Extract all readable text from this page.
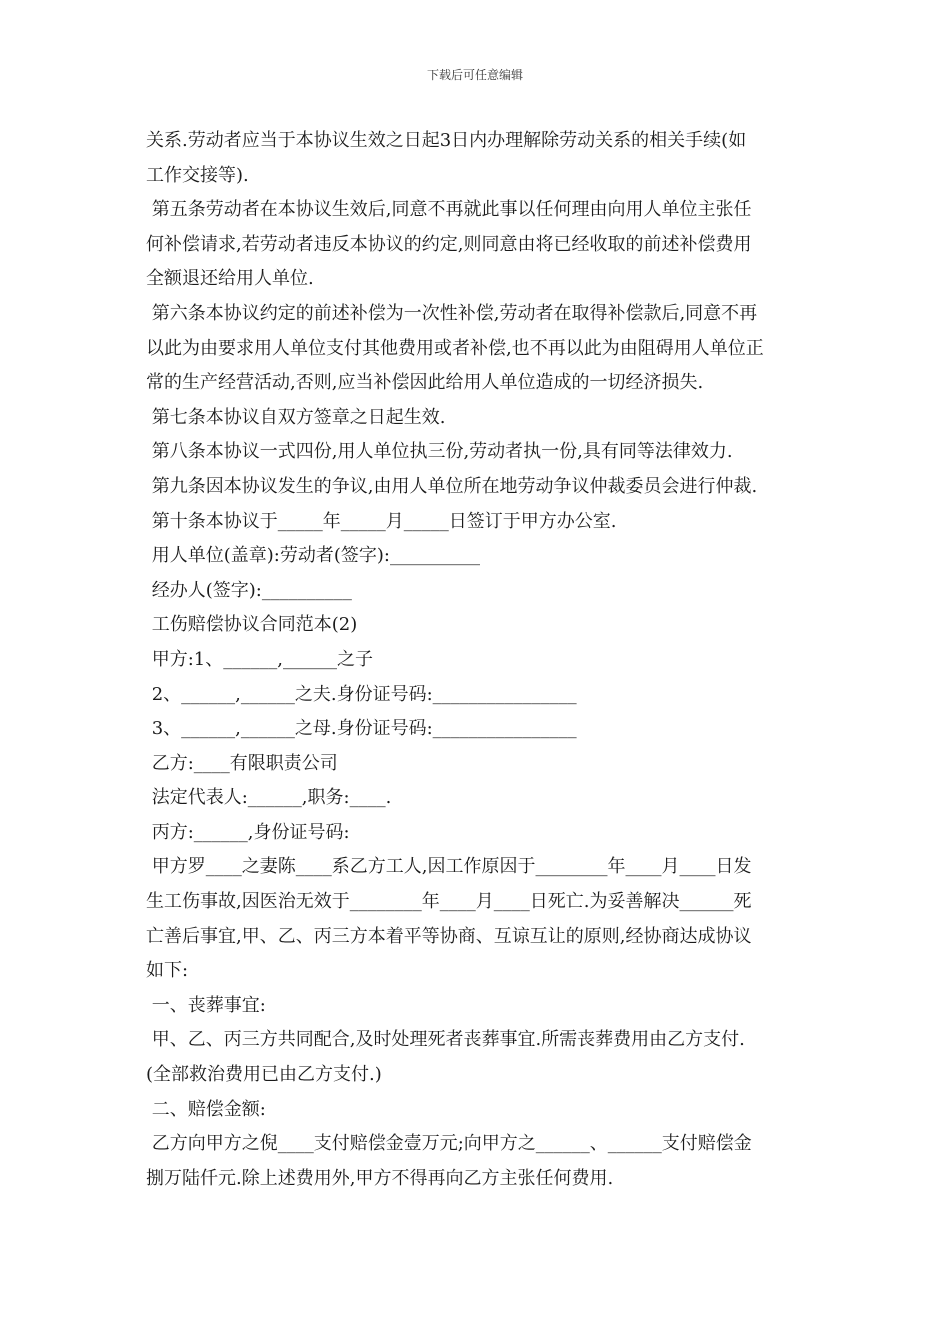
下载后可任意编辑
关系.劳动者应当于本协议生效之日起3日内办理解除劳动关系的相关手续(如
工作交接等).
第五条劳动者在本协议生效后,同意不再就此事以任何理由向用人单位主张任
何补偿请求,若劳动者违反本协议的约定,则同意由将已经收取的前述补偿费用
全额退还给用人单位.
第六条本协议约定的前述补偿为一次性补偿,劳动者在取得补偿款后,同意不再
以此为由要求用人单位支付其他费用或者补偿,也不再以此为由阻碍用人单位正
常的生产经营活动,否则,应当补偿因此给用人单位造成的一切经济损失.
第七条本协议自双方签章之日起生效.
第八条本协议一式四份,用人单位执三份,劳动者执一份,具有同等法律效力.
第九条因本协议发生的争议,由用人单位所在地劳动争议仲裁委员会进行仲裁.
第十条本协议于_____年_____月_____日签订于甲方办公室.
用人单位(盖章):劳动者(签字):__________
经办人(签字):__________
工伤赔偿协议合同范本(2)
甲方:1、______,______之子
2、______,______之夫.身份证号码:________________
3、______,______之母.身份证号码:________________
乙方:____有限职责公司
法定代表人:______,职务:____.
丙方:______,身份证号码:
甲方罗____之妻陈____系乙方工人,因工作原因于________年____月____日发
生工伤事故,因医治无效于________年____月____日死亡.为妥善解决______死
亡善后事宜,甲、乙、丙三方本着平等协商、互谅互让的原则,经协商达成协议
如下:
一、丧葬事宜:
甲、乙、丙三方共同配合,及时处理死者丧葬事宜.所需丧葬费用由乙方支付.
(全部救治费用已由乙方支付.)
二、赔偿金额:
乙方向甲方之倪____支付赔偿金壹万元;向甲方之______、______支付赔偿金
捌万陆仟元.除上述费用外,甲方不得再向乙方主张任何费用.
